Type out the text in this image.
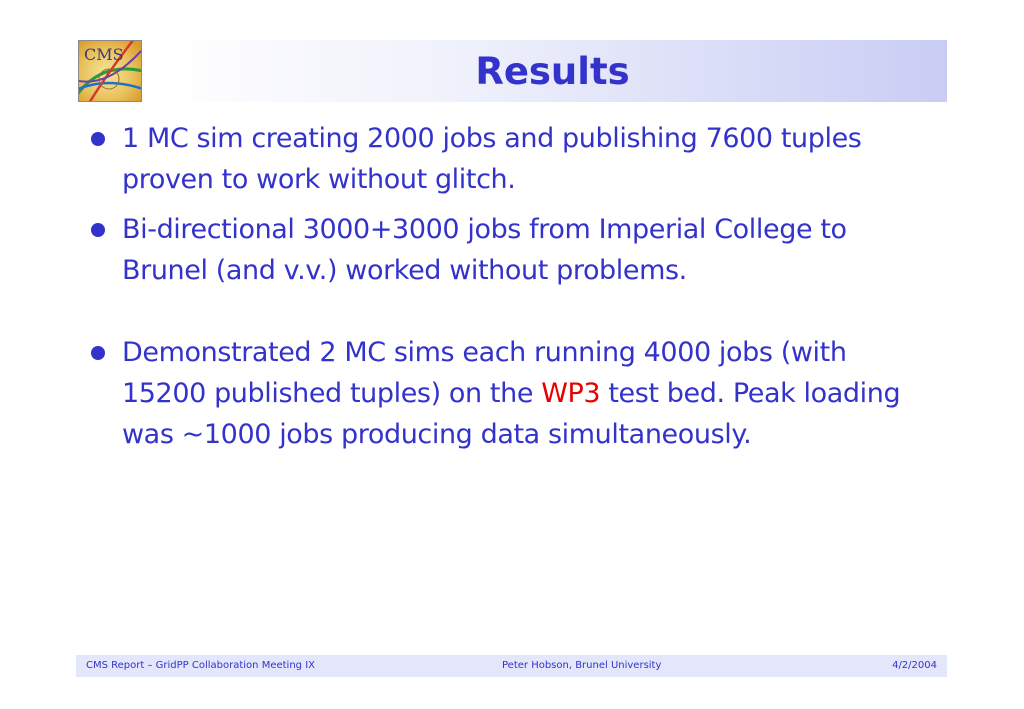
CMS	Results
1 MC sim creating 2000 jobs and publishing 7600 tuples proven to work without glitch.
Bi-directional 3000+3000 jobs from Imperial College to Brunel (and v.v.) worked without problems.
Demonstrated 2 MC sims each running 4000 jobs (with 15200 published tuples) on the WP3 test bed. Peak loading was ~1000 jobs producing data simultaneously.
CMS Report – GridPP Collaboration Meeting IX	Peter Hobson, Brunel University	4/2/2004
